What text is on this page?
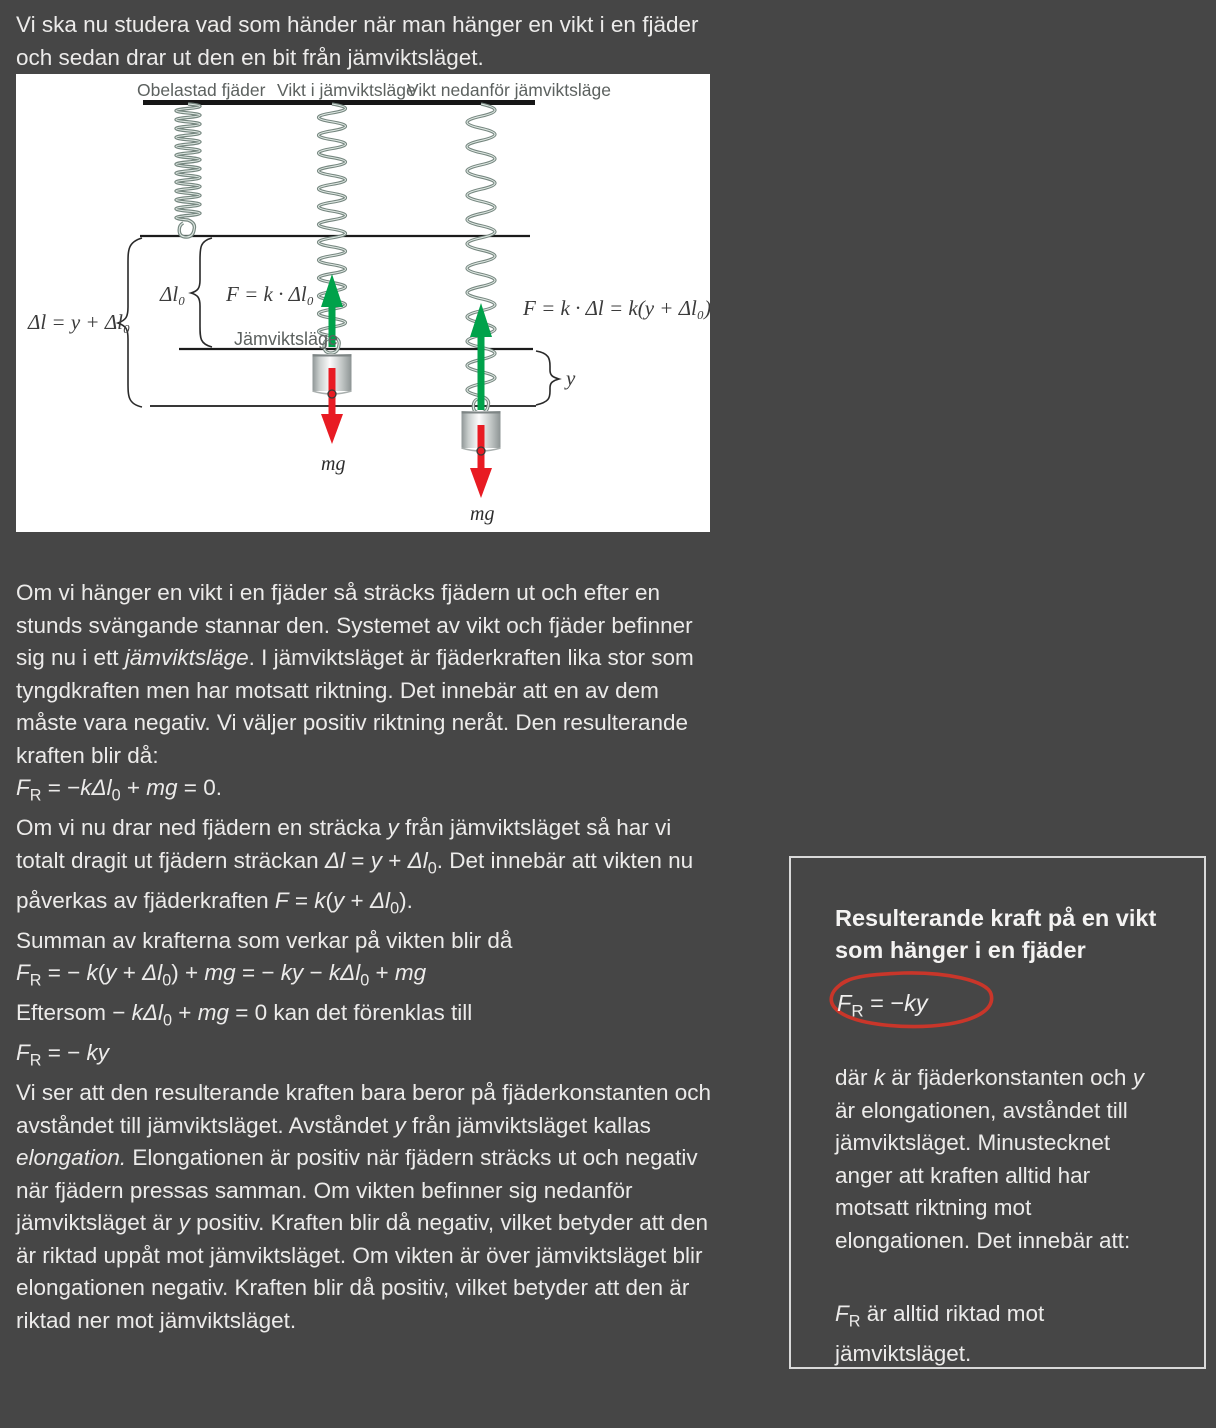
Vi ska nu studera vad som händer när man hänger en vikt i en fjäder och sedan drar ut den en bit från jämviktsläget.

Obelastad fjäder Vikt i jämviktsläge
Vikt nedanför jämviktsläge
Δl = y + Δl₀
Δl₀ F = k · Δl₀
Jämviktsläge
F = k · Δl = k(y + Δl₀)
y
mg
mg

Om vi hänger en vikt i en fjäder så sträcks fjädern ut och efter en stunds svängande stannar den. Systemet av vikt och fjäder befinner sig nu i ett jämviktsläge. I jämviktsläget är fjäderkraften lika stor som tyngdkraften men har motsatt riktning. Det innebär att en av dem måste vara negativ. Vi väljer positiv riktning neråt. Den resulterande kraften blir då:
$F_R = -k\Delta l_0$ + mg = 0.

Om vi nu drar ned fjädern en sträcka y från jämviktsläget så har vi totalt dragit ut fjädern sträckan $\Delta l = y + \Delta l_0$. Det innebär att vikten nu påverkas av fjäderkraften $F = k(y + \Delta l_0)$.

Summan av krafterna som verkar på vikten blir då
$F_R$ = − $k(y + \Delta l_0)$ + mg = − ky − kΔl$_0$ + mg
Eftersom − kΔl$_0$ + mg = 0 kan det förenklas till
$F_R$ = − ky

Vi ser att den resulterande kraften bara beror på fjäderkonstanten och avståndet till jämviktsläget. Avståndet y från jämviktsläget kallas elongation. Elongationen är positiv när fjädern sträcks ut och negativ när fjädern pressas samman. Om vikten befinner sig nedanför jämviktsläget är y positiv. Kraften blir då negativ, vilket betyder att den är riktad uppåt mot jämviktsläget. Om vikten är över jämviktsläget blir elongationen negativ. Kraften blir då positiv, vilket betyder att den är riktad ner mot jämviktsläget.

Resulterande kraft på en vikt som hänger i en fjäder
$F_R = -ky$

där k är fjäderkonstanten och y är elongationen, avståndet till jämviktsläget. Minustecknet anger att kraften alltid har motsatt riktning mot elongationen. Det innebär att:

$F_R$ är alltid riktad mot jämviktsläget.
